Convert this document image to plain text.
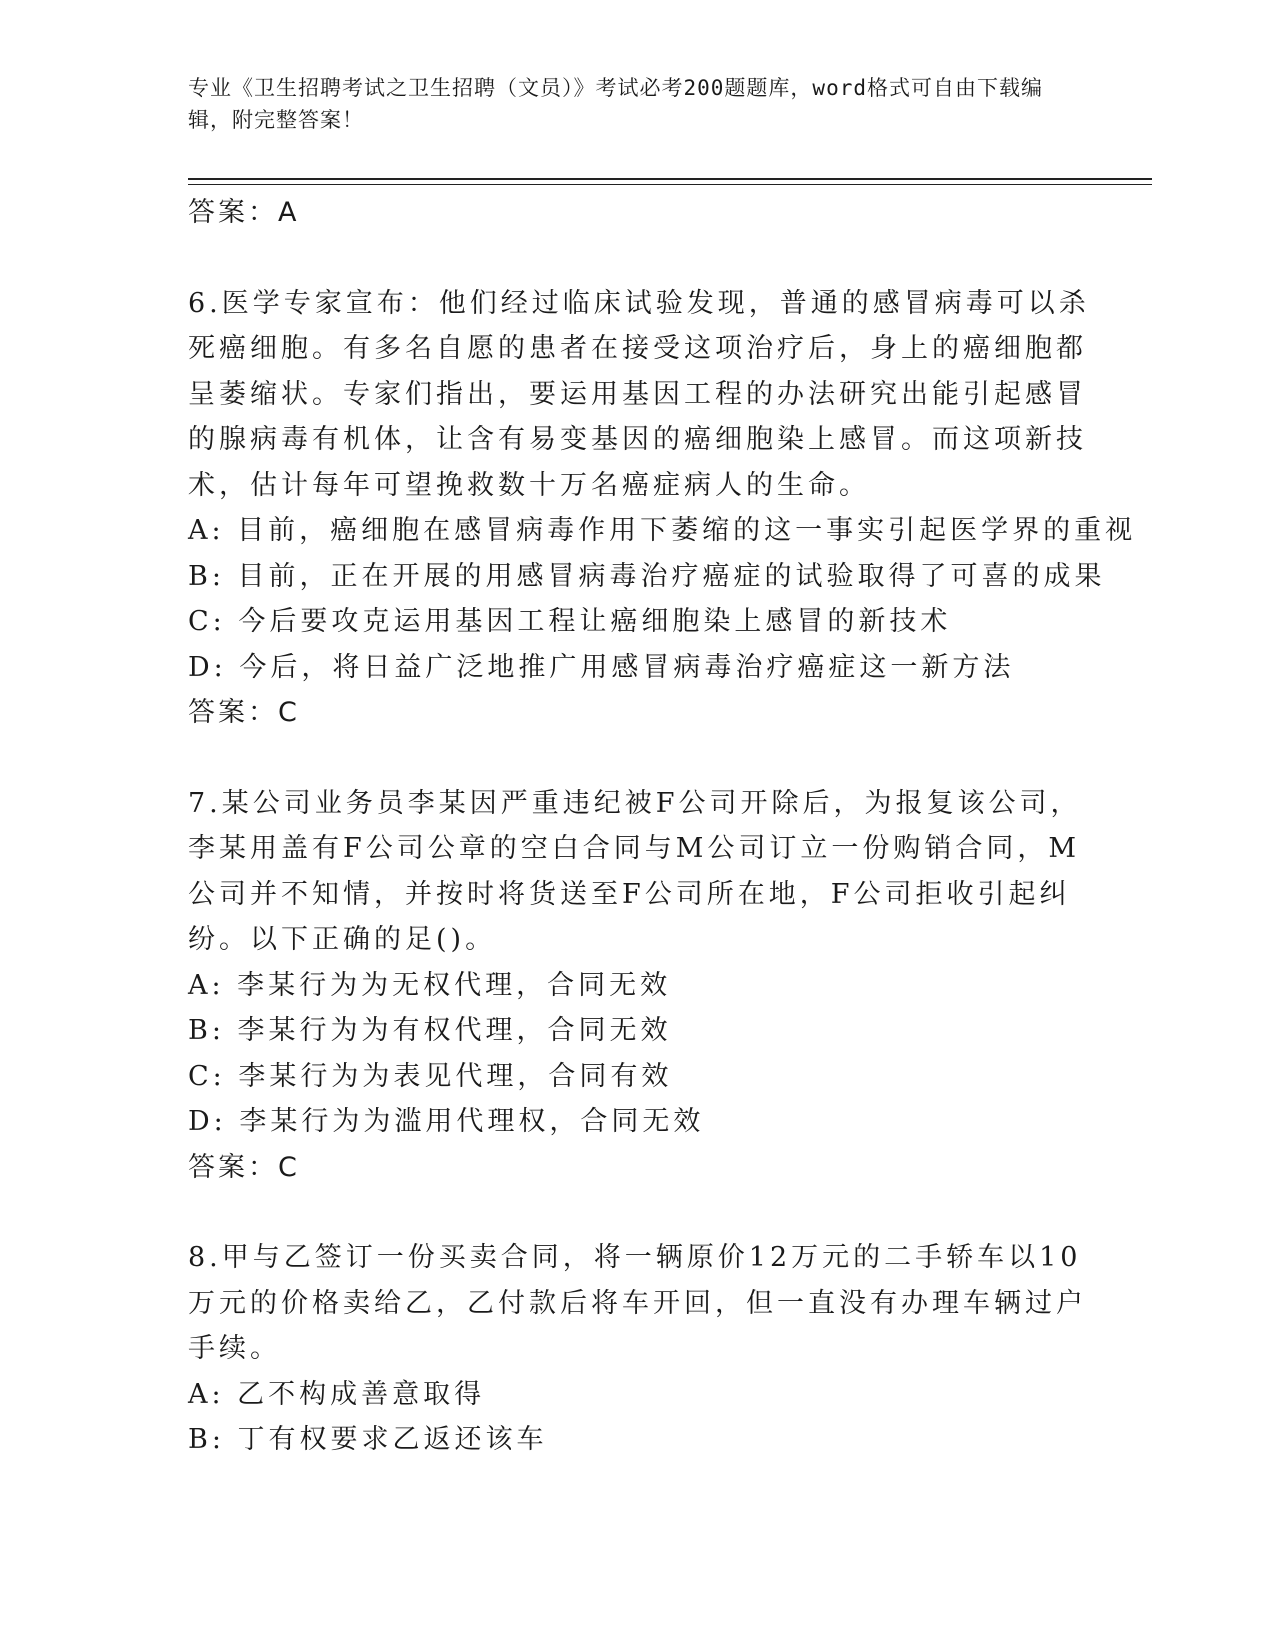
专业《卫生招聘考试之卫生招聘（文员）》考试必考200题题库，word格式可自由下载编辑，附完整答案！

答案：A

6.医学专家宣布：他们经过临床试验发现，普通的感冒病毒可以杀死癌细胞。有多名自愿的患者在接受这项治疗后，身上的癌细胞都呈萎缩状。专家们指出，要运用基因工程的办法研究出能引起感冒的腺病毒有机体，让含有易变基因的癌细胞染上感冒。而这项新技术，估计每年可望挽救数十万名癌症病人的生命。

A: 目前，癌细胞在感冒病毒作用下萎缩的这一事实引起医学界的重视

B: 目前，正在开展的用感冒病毒治疗癌症的试验取得了可喜的成果

C: 今后要攻克运用基因工程让癌细胞染上感冒的新技术

D: 今后，将日益广泛地推广用感冒病毒治疗癌症这一新方法

答案：C

7.某公司业务员李某因严重违纪被F公司开除后，为报复该公司，李某用盖有F公司公章的空白合同与M公司订立一份购销合同，M公司并不知情，并按时将货送至F公司所在地，F公司拒收引起纠纷。以下正确的足()。

A: 李某行为为无权代理，合同无效

B: 李某行为为有权代理，合同无效

C: 李某行为为表见代理，合同有效

D: 李某行为为滥用代理权，合同无效

答案：C

8.甲与乙签订一份买卖合同，将一辆原价12万元的二手轿车以10万元的价格卖给乙，乙付款后将车开回，但一直没有办理车辆过户手续。

A: 乙不构成善意取得

B: 丁有权要求乙返还该车
